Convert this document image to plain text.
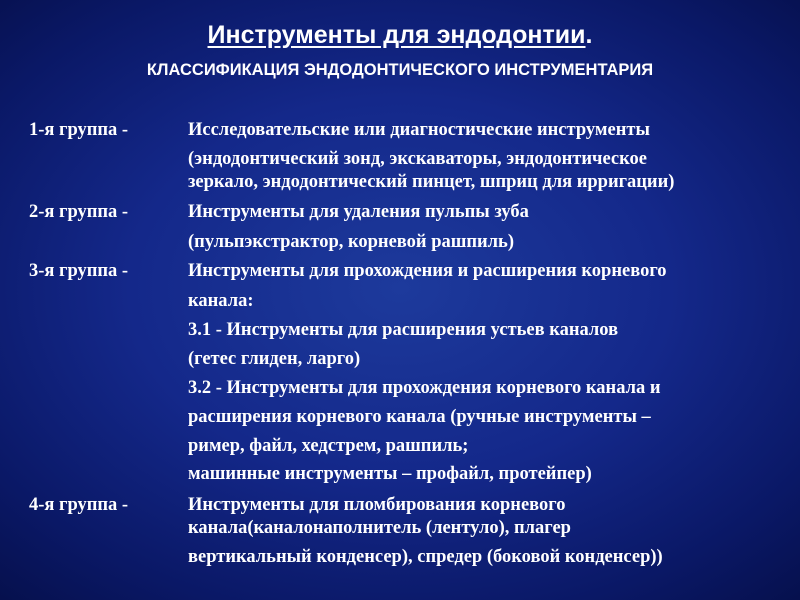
Инструменты для эндодонтии.
КЛАССИФИКАЦИЯ ЭНДОДОНТИЧЕСКОГО ИНСТРУМЕНТАРИЯ
1-я группа -	Исследовательские или диагностические инструменты
(эндодонтический зонд, экскаваторы, эндодонтическое
зеркало, эндодонтический пинцет, шприц для ирригации)
2-я группа -	Инструменты для удаления пульпы зуба
(пульпэкстрактор, корневой рашпиль)
3-я группа -	Инструменты для прохождения и расширения корневого
канала:
3.1 - Инструменты для расширения устьев каналов
(гетес глиден, ларго)
3.2 - Инструменты для прохождения корневого канала и
расширения корневого канала (ручные инструменты –
ример, файл, хедстрем, рашпиль;
машинные инструменты – профайл, протейпер)
4-я группа -	Инструменты для пломбирования корневого
канала(каналонаполнитель (лентуло), плагер
вертикальный конденсер), спредер (боковой конденсер))
